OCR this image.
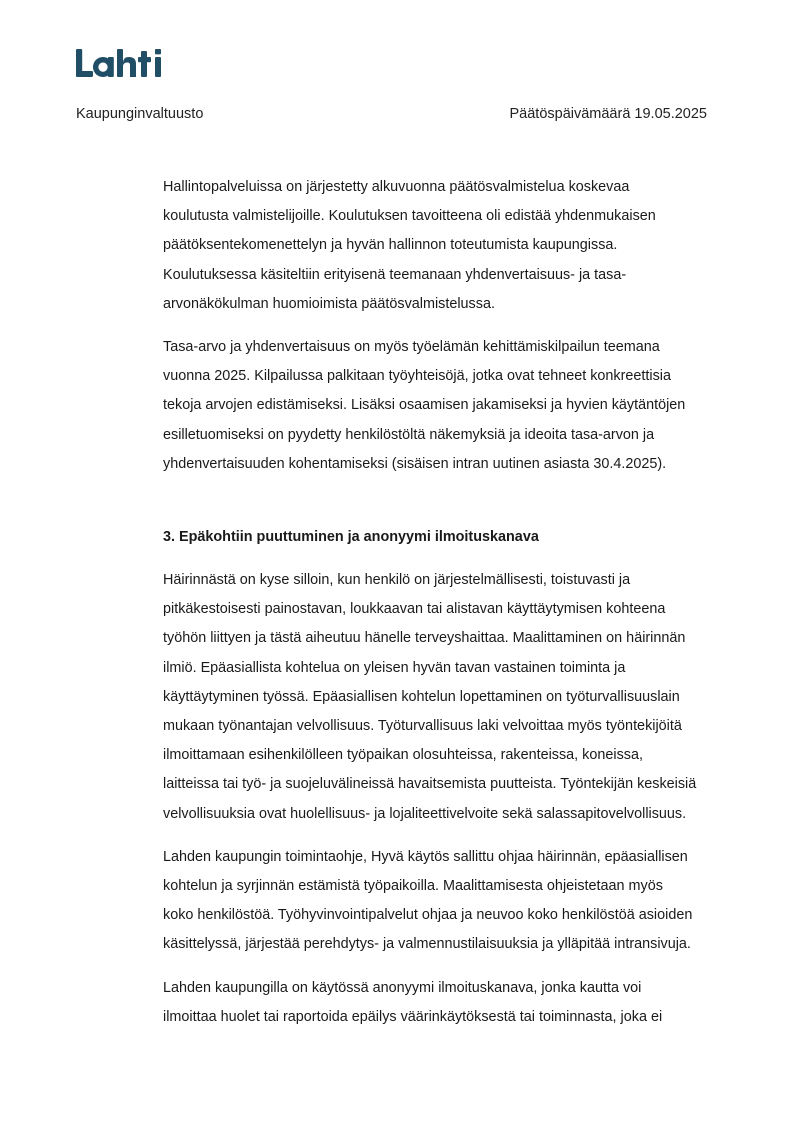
Kaupunginvaltuusto	Päätöspäivämäärä 19.05.2025
Hallintopalveluissa on järjestetty alkuvuonna päätösvalmistelua koskevaa
koulutusta valmistelijoille. Koulutuksen tavoitteena oli edistää yhdenmukaisen
päätöksentekomenettelyn ja hyvän hallinnon toteutumista kaupungissa.
Koulutuksessa käsiteltiin erityisenä teemanaan yhdenvertaisuus- ja tasa-
arvonäkökulman huomioimista päätösvalmistelussa.
Tasa-arvo ja yhdenvertaisuus on myös työelämän kehittämiskilpailun teemana
vuonna 2025. Kilpailussa palkitaan työyhteisöjä, jotka ovat tehneet konkreettisia
tekoja arvojen edistämiseksi. Lisäksi osaamisen jakamiseksi ja hyvien käytäntöjen
esilletuomiseksi on pyydetty henkilöstöltä näkemyksiä ja ideoita tasa-arvon ja
yhdenvertaisuuden kohentamiseksi (sisäisen intran uutinen asiasta 30.4.2025).
3. Epäkohtiin puuttuminen ja anonyymi ilmoituskanava
Häirinnästä on kyse silloin, kun henkilö on järjestelmällisesti, toistuvasti ja
pitkäkestoisesti painostavan, loukkaavan tai alistavan käyttäytymisen kohteena
työhön liittyen ja tästä aiheutuu hänelle terveyshaittaa. Maalittaminen on häirinnän
ilmiö. Epäasiallista kohtelua on yleisen hyvän tavan vastainen toiminta ja
käyttäytyminen työssä. Epäasiallisen kohtelun lopettaminen on työturvallisuuslain
mukaan työnantajan velvollisuus. Työturvallisuus laki velvoittaa myös työntekijöitä
ilmoittamaan esihenkilölleen työpaikan olosuhteissa, rakenteissa, koneissa,
laitteissa tai työ- ja suojeluvälineissä havaitsemista puutteista. Työntekijän keskeisiä
velvollisuuksia ovat huolellisuus- ja lojaliteettivelvoite sekä salassapitovelvollisuus.
Lahden kaupungin toimintaohje, Hyvä käytös sallittu ohjaa häirinnän, epäasiallisen
kohtelun ja syrjinnän estämistä työpaikoilla. Maalittamisesta ohjeistetaan myös
koko henkilöstöä. Työhyvinvointipalvelut ohjaa ja neuvoo koko henkilöstöä asioiden
käsittelyssä, järjestää perehdytys- ja valmennustilaisuuksia ja ylläpitää intransivuja.
Lahden kaupungilla on käytössä anonyymi ilmoituskanava, jonka kautta voi
ilmoittaa huolet tai raportoida epäilys väärinkäytöksestä tai toiminnasta, joka ei
